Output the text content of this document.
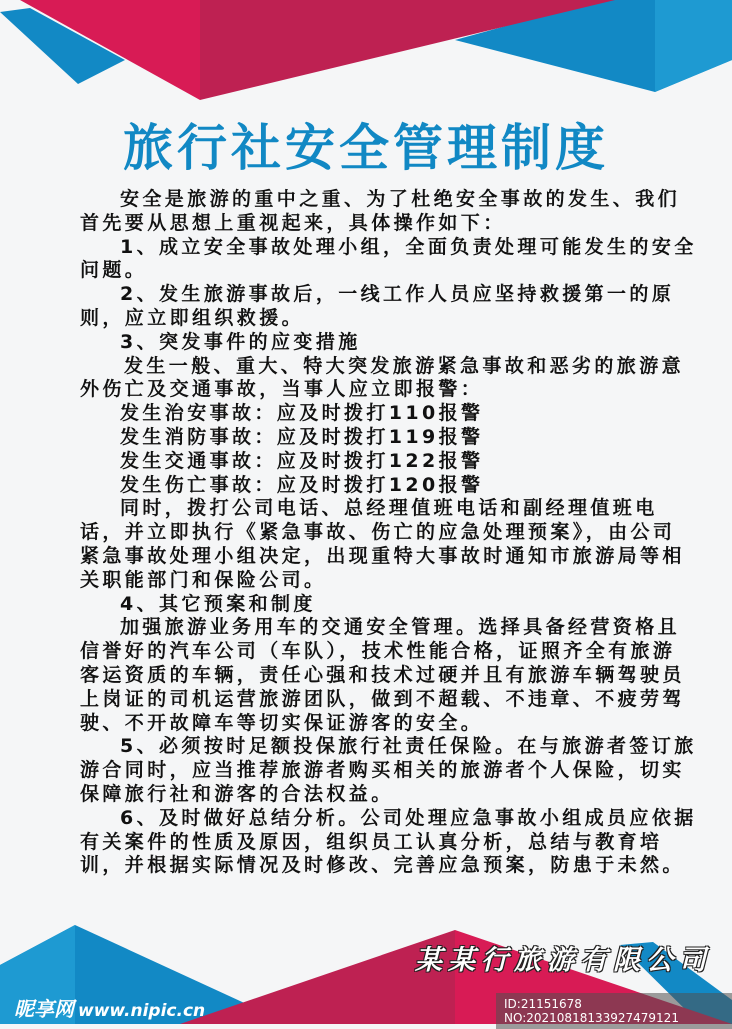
旅行社安全管理制度
安全是旅游的重中之重、为了杜绝安全事故的发生、我们
首先要从思想上重视起来，具体操作如下：
1、成立安全事故处理小组，全面负责处理可能发生的安全
问题。
2、发生旅游事故后，一线工作人员应坚持救援第一的原
则，应立即组织救援。
3、突发事件的应变措施
发生一般、重大、特大突发旅游紧急事故和恶劣的旅游意
外伤亡及交通事故，当事人应立即报警：
发生治安事故：应及时拨打110报警
发生消防事故：应及时拨打119报警
发生交通事故：应及时拨打122报警
发生伤亡事故：应及时拨打120报警
同时，拨打公司电话、总经理值班电话和副经理值班电
话，并立即执行《紧急事故、伤亡的应急处理预案》，由公司
紧急事故处理小组决定，出现重特大事故时通知市旅游局等相
关职能部门和保险公司。
4、其它预案和制度
加强旅游业务用车的交通安全管理。选择具备经营资格且
信誉好的汽车公司（车队），技术性能合格，证照齐全有旅游
客运资质的车辆，责任心强和技术过硬并且有旅游车辆驾驶员
上岗证的司机运营旅游团队，做到不超载、不违章、不疲劳驾
驶、不开故障车等切实保证游客的安全。
5、必须按时足额投保旅行社责任保险。在与旅游者签订旅
游合同时，应当推荐旅游者购买相关的旅游者个人保险，切实
保障旅行社和游客的合法权益。
6、及时做好总结分析。公司处理应急事故小组成员应依据
有关案件的性质及原因，组织员工认真分析，总结与教育培
训，并根据实际情况及时修改、完善应急预案，防患于未然。
某某行旅游有限公司
昵享网 www.nipic.cn	ID:21151678 NO:20210818133927479121
